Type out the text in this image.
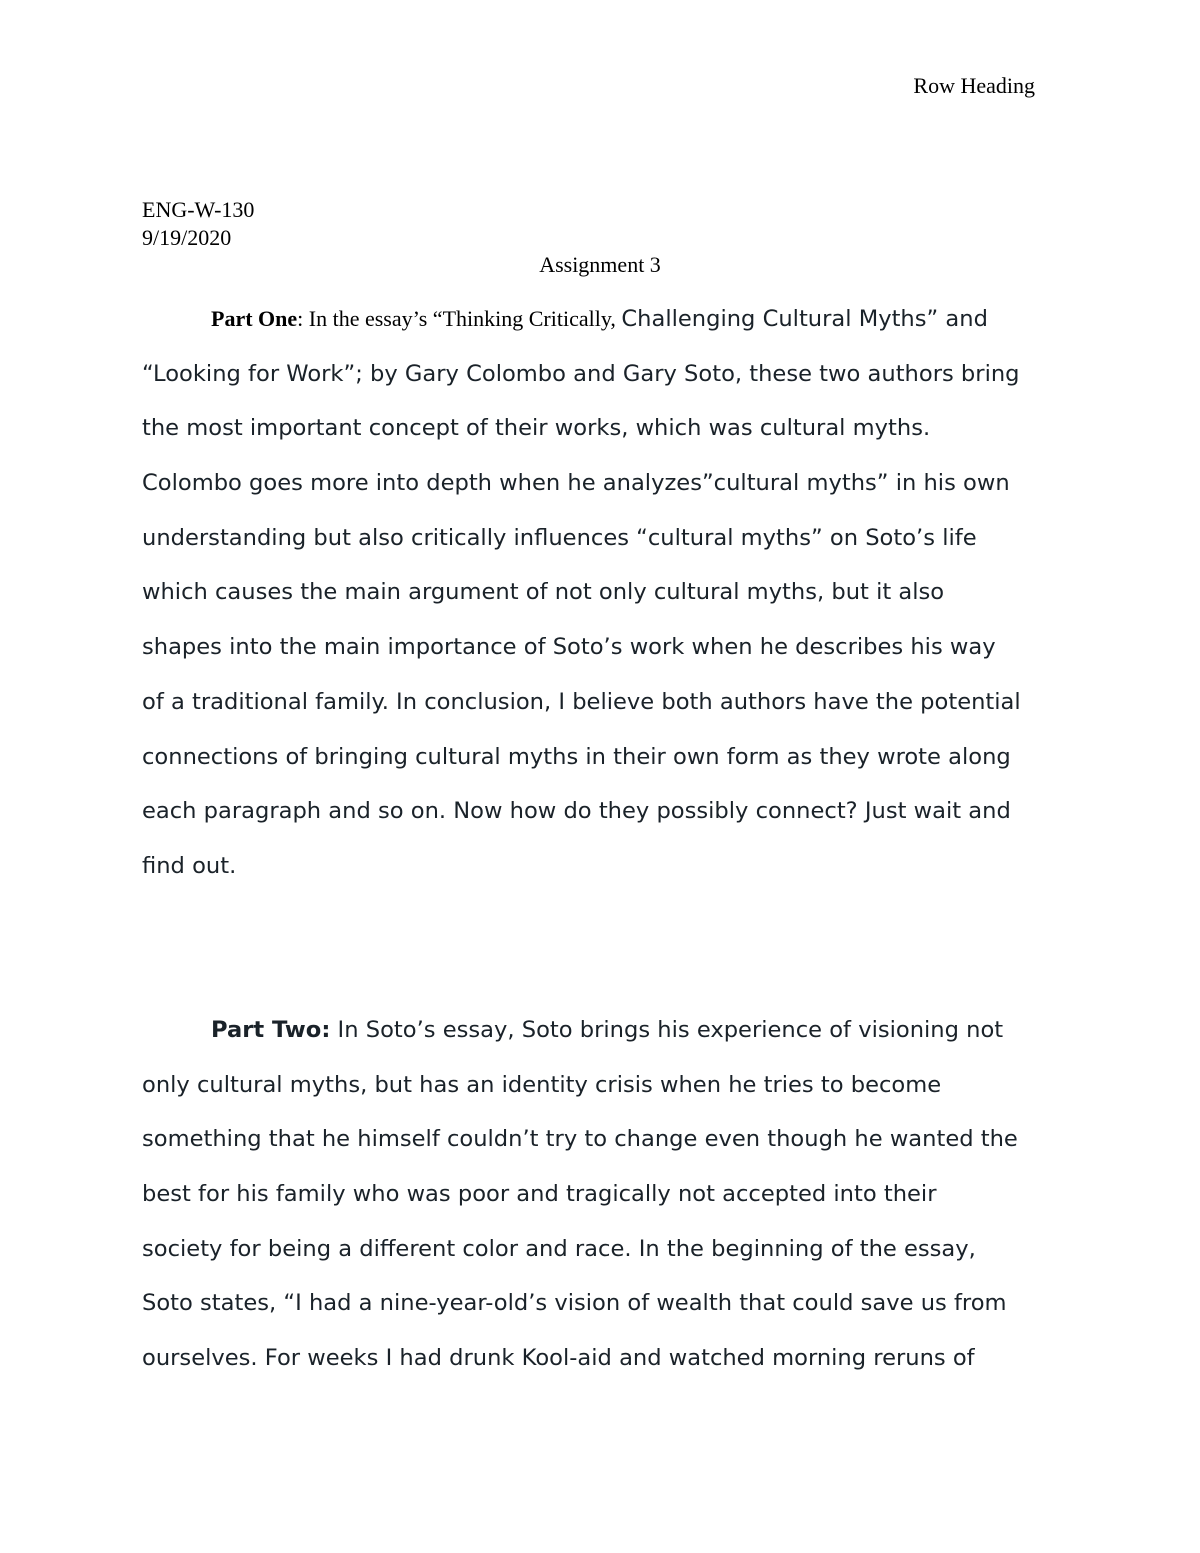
Row Heading
ENG-W-130
9/19/2020
Assignment 3
Part One: In the essay’s “Thinking Critically, Challenging Cultural Myths” and
“Looking for Work”; by Gary Colombo and Gary Soto, these two authors bring
the most important concept of their works, which was cultural myths.
Colombo goes more into depth when he analyzes”cultural myths” in his own
understanding but also critically influences “cultural myths” on Soto’s life
which causes the main argument of not only cultural myths, but it also
shapes into the main importance of Soto’s work when he describes his way
of a traditional family. In conclusion, I believe both authors have the potential
connections of bringing cultural myths in their own form as they wrote along
each paragraph and so on. Now how do they possibly connect? Just wait and
find out.
Part Two: In Soto’s essay, Soto brings his experience of visioning not
only cultural myths, but has an identity crisis when he tries to become
something that he himself couldn’t try to change even though he wanted the
best for his family who was poor and tragically not accepted into their
society for being a different color and race. In the beginning of the essay,
Soto states, “I had a nine-year-old’s vision of wealth that could save us from
ourselves. For weeks I had drunk Kool-aid and watched morning reruns of
